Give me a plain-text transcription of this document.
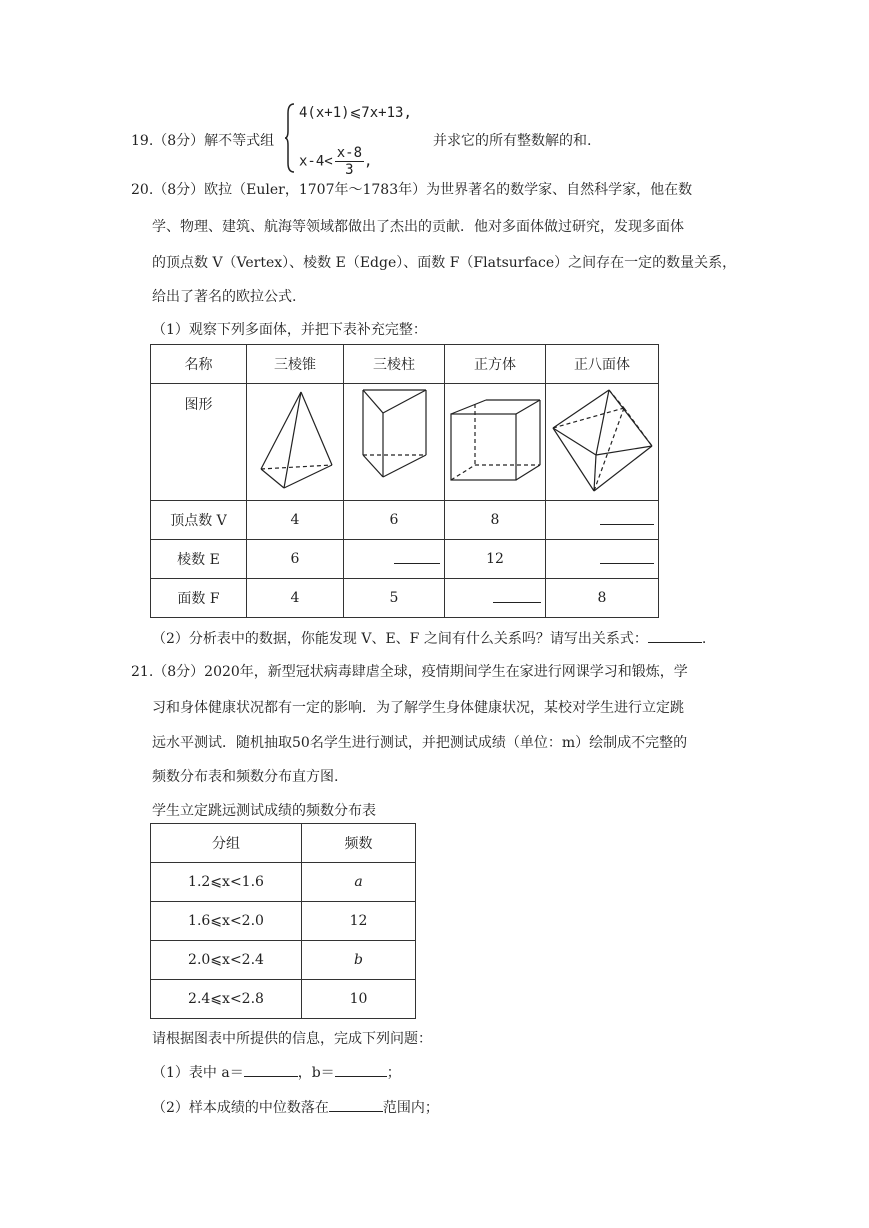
19.（8分）解不等式组
4(x+1)⩽7x+13,
$x-4< \frac{x-8}{3}$ ,
并求它的所有整数解的和.
20.（8分）欧拉（Euler，1707年～1783年）为世界著名的数学家、自然科学家，他在数
学、物理、建筑、航海等领域都做出了杰出的贡献．他对多面体做过研究，发现多面体
的顶点数 V（Vertex）、棱数 E（Edge）、面数 F（Flatsurface）之间存在一定的数量关系，
给出了著名的欧拉公式.
（1）观察下列多面体，并把下表补充完整：
名称	三棱锥	三棱柱	正方体	正八面体
图形				
顶点数 V	4	6	8	
棱数 E	6		12	
面数 F	4	5		8
（2）分析表中的数据，你能发现 V、E、F 之间有什么关系吗？请写出关系式：	.
21.（8分）2020年，新型冠状病毒肆虐全球，疫情期间学生在家进行网课学习和锻炼，学
习和身体健康状况都有一定的影响．为了解学生身体健康状况，某校对学生进行立定跳
远水平测试．随机抽取50名学生进行测试，并把测试成绩（单位：m）绘制成不完整的
频数分布表和频数分布直方图.
学生立定跳远测试成绩的频数分布表
分组	频数
1.2⩽x<1.6	a
1.6⩽x<2.0	12
2.0⩽x<2.4	b
2.4⩽x<2.8	10
请根据图表中所提供的信息，完成下列问题：
（1）表中 a＝	，b＝	；
（2）样本成绩的中位数落在	范围内；
